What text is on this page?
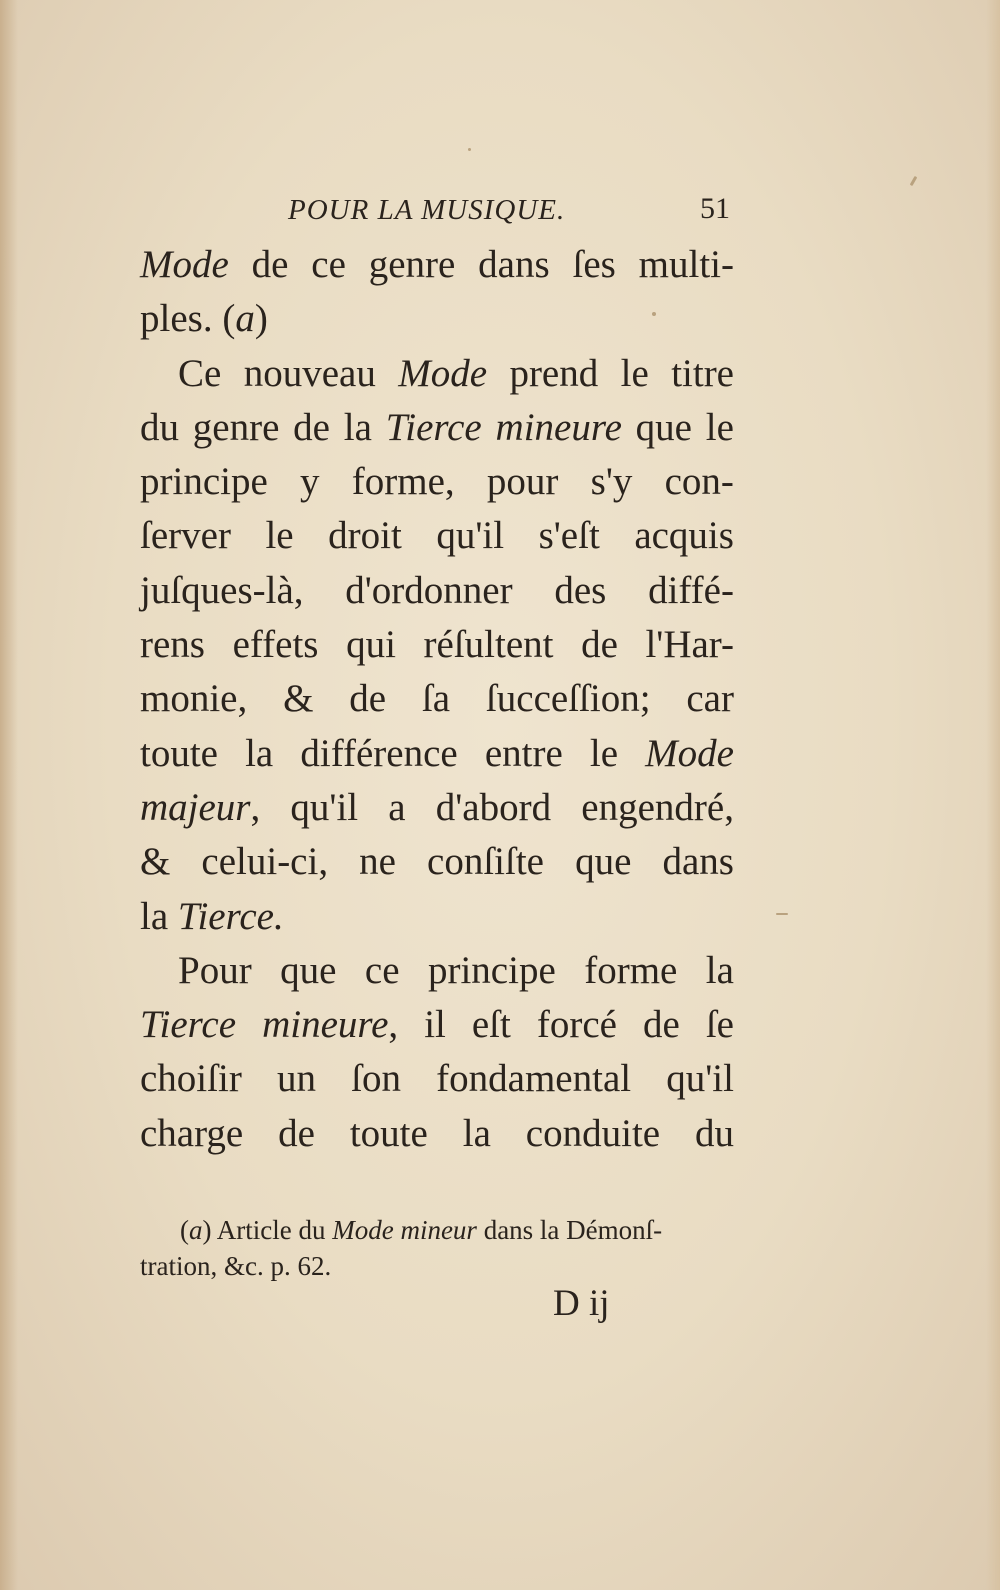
POUR LA MUSIQUE.	51
Mode de ce genre dans ſes multi-
ples. ( a )
Ce nouveau Mode prend le titre
du genre de la Tierce mineure que le
principe y forme, pour s'y con-
ſerver le droit qu'il s'eſt acquis
juſques-là, d'ordonner des diffé-
rens effets qui réſultent de l'Har-
monie, & de ſa ſucceſſion; car
toute la différence entre le Mode
majeur, qu'il a d'abord engendré,
& celui-ci, ne conſiſte que dans
la Tierce.
Pour que ce principe forme la
Tierce mineure, il eſt forcé de ſe
choiſir un ſon fondamental qu'il
charge de toute la conduite du
(a) Article du Mode mineur dans la Démonſ-
tration, &c. p. 62.
D ij
